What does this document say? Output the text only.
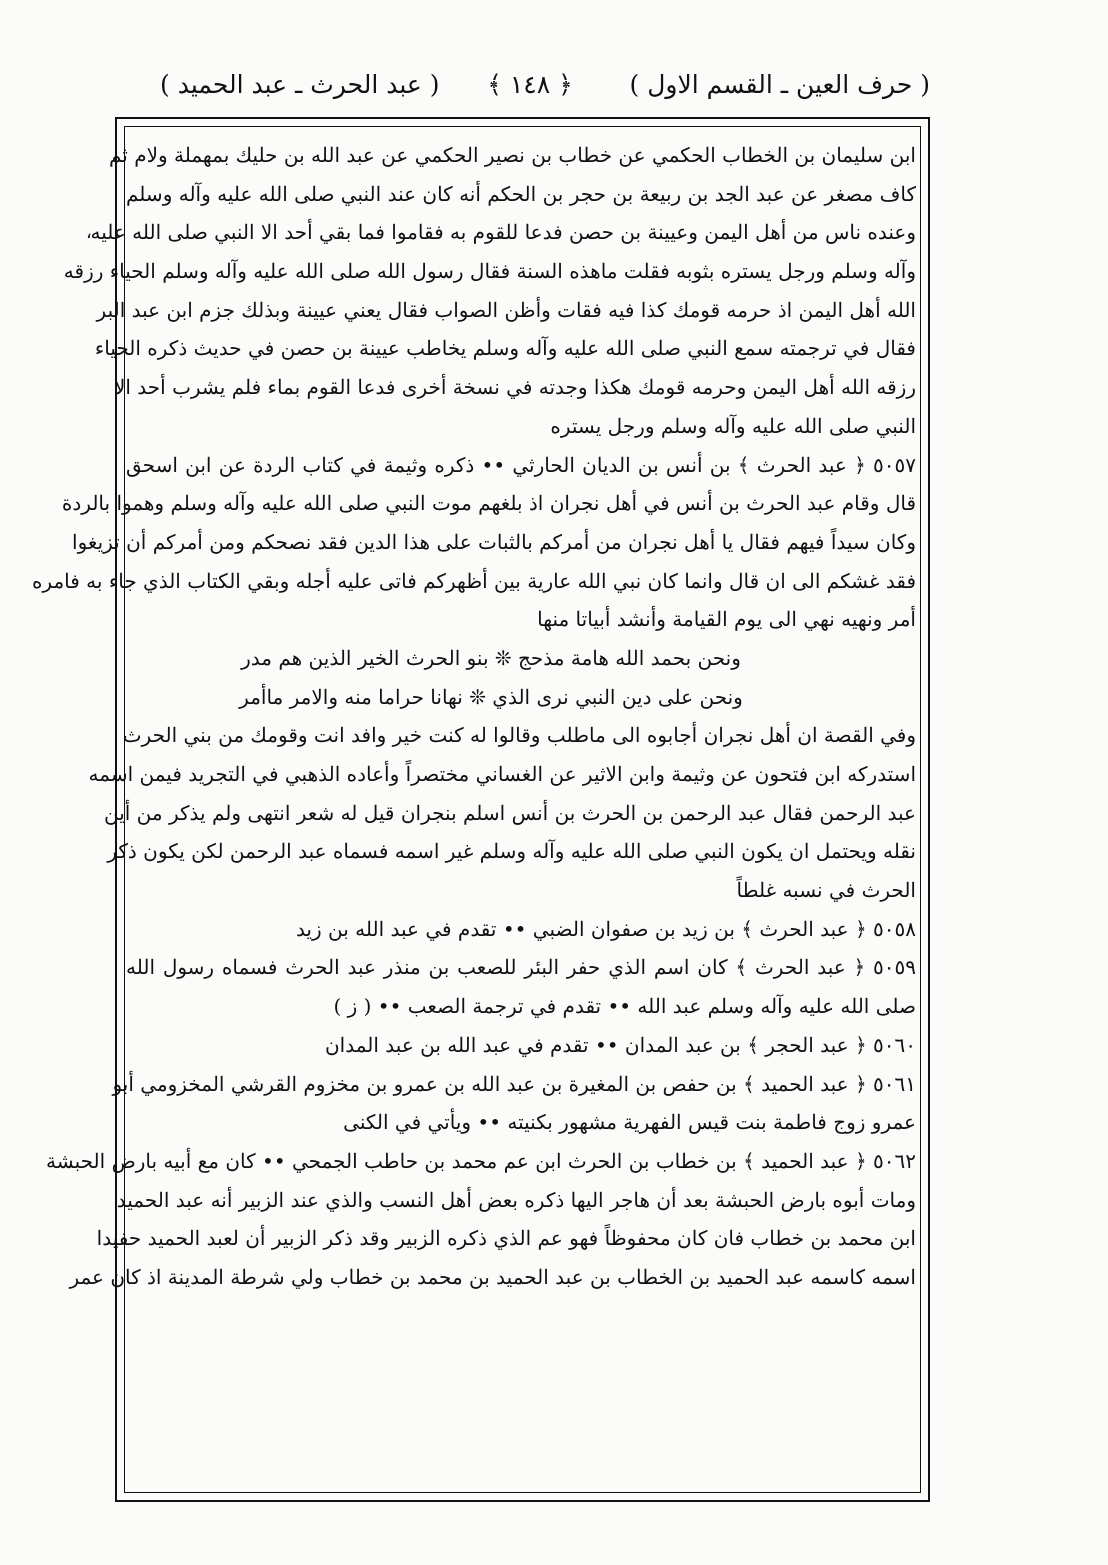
( حرف العين ـ القسم الاول )
﴿ ١٤٨ ﴾
( عبد الحرث ـ عبد الحميد )
،
ابن سليمان بن الخطاب الحكمي عن خطاب بن نصير الحكمي عن عبد الله بن حليك بمهملة ولام ثم
كاف مصغر عن عبد الجد بن ربيعة بن حجر بن الحكم أنه كان عند النبي صلى الله عليه وآله وسلم
وعنده ناس من أهل اليمن وعيينة بن حصن فدعا للقوم به فقاموا فما بقي أحد الا النبي صلى الله عليه
وآله وسلم ورجل يستره بثوبه فقلت ماهذه السنة فقال رسول الله صلى الله عليه وآله وسلم الحياء رزقه
الله أهل اليمن اذ حرمه قومك كذا فيه فقات وأظن الصواب فقال يعني عيينة وبذلك جزم ابن عبد البر
فقال في ترجمته سمع النبي صلى الله عليه وآله وسلم يخاطب عيينة بن حصن في حديث ذكره الحياء
رزقه الله أهل اليمن وحرمه قومك هكذا وجدته في نسخة أخرى فدعا القوم بماء فلم يشرب أحد الا
النبي صلى الله عليه وآله وسلم ورجل يستره
٥٠٥٧ ﴿ عبد الحرث ﴾ بن أنس بن الديان الحارثي •• ذكره وثيمة في كتاب الردة عن ابن اسحق
قال وقام عبد الحرث بن أنس في أهل نجران اذ بلغهم موت النبي صلى الله عليه وآله وسلم وهموا بالردة
وكان سيداً فيهم فقال يا أهل نجران من أمركم بالثبات على هذا الدين فقد نصحكم ومن أمركم أن تزيغوا
فقد غشكم الى ان قال وانما كان نبي الله عارية بين أظهركم فاتى عليه أجله وبقي الكتاب الذي جاء به فامره
أمر ونهيه نهي الى يوم القيامة وأنشد أبياتا منها
ونحن بحمد الله هامة مذحج ❊ بنو الحرث الخير الذين هم مدر
ونحن على دين النبي نرى الذي ❊ نهانا حراما منه والامر ماأمر
وفي القصة ان أهل نجران أجابوه الى ماطلب وقالوا له كنت خير وافد انت وقومك من بني الحرث
استدركه ابن فتحون عن وثيمة وابن الاثير عن الغساني مختصراً وأعاده الذهبي في التجريد فيمن اسمه
عبد الرحمن فقال عبد الرحمن بن الحرث بن أنس اسلم بنجران قيل له شعر انتهى ولم يذكر من أين
نقله ويحتمل ان يكون النبي صلى الله عليه وآله وسلم غير اسمه فسماه عبد الرحمن لكن يكون ذكر
الحرث في نسبه غلطاً
٥٠٥٨ ﴿ عبد الحرث ﴾ بن زيد بن صفوان الضبي •• تقدم في عبد الله بن زيد
٥٠٥٩ ﴿ عبد الحرث ﴾ كان اسم الذي حفر البئر للصعب بن منذر عبد الحرث فسماه رسول الله
صلى الله عليه وآله وسلم عبد الله •• تقدم في ترجمة الصعب •• ( ز )
٥٠٦٠ ﴿ عبد الحجر ﴾ بن عبد المدان •• تقدم في عبد الله بن عبد المدان
٥٠٦١ ﴿ عبد الحميد ﴾ بن حفص بن المغيرة بن عبد الله بن عمرو بن مخزوم القرشي المخزومي أبو
عمرو زوج فاطمة بنت قيس الفهرية مشهور بكنيته •• ويأتي في الكنى
٥٠٦٢ ﴿ عبد الحميد ﴾ بن خطاب بن الحرث ابن عم محمد بن حاطب الجمحي •• كان مع أبيه بارض الحبشة
ومات أبوه بارض الحبشة بعد أن هاجر اليها ذكره بعض أهل النسب والذي عند الزبير أنه عبد الحميد
ابن محمد بن خطاب فان كان محفوظاً فهو عم الذي ذكره الزبير وقد ذكر الزبير أن لعبد الحميد حفيدا
اسمه كاسمه عبد الحميد بن الخطاب بن عبد الحميد بن محمد بن خطاب ولي شرطة المدينة اذ كان عمر
